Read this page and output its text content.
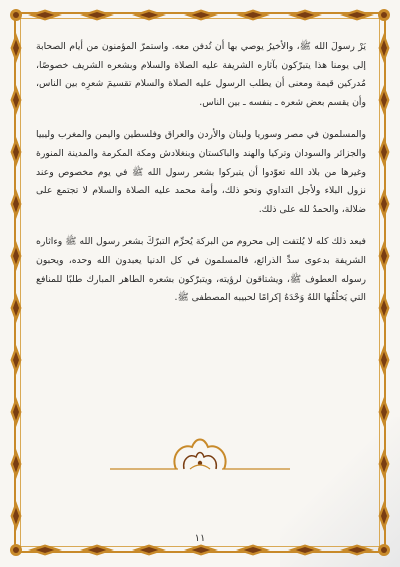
يَرْ رسولَ الله ﷺ، والأخيرُ يوصي بها أن تُدفن معه. واستمرّ المؤمنون من أيام الصحابة إلى يومنا هذا يتبرّكون بآثاره الشريفة عليه الصلاة والسلام وبشعره الشريف خصوصًا، مُدركين قيمة ومعنى أن يطلب الرسول عليه الصلاة والسلام تقسيمَ شعرِه بين الناس، وأن يقسم بعض شعره ـ بنفسه ـ بين الناس.

والمسلمون في مصر وسوريا ولبنان والأردن والعراق وفلسطين واليمن والمغرب وليبيا والجزائر والسودان وتركيا والهند والباكستان وبنغلادش ومكة المكرمة والمدينة المنورة وغيرها من بلاد الله تعوّدوا أن يتبركوا بشعر رسول الله ﷺ في يوم مخصوص وعند نزول البلاء ولأجل التداوي ونحو ذلك، وأمة محمد عليه الصلاة والسلام لا تجتمع على ضلالة، والحمدُ لله على ذلك.

فبعد ذلك كله لا يُلتفت إلى محروم من البركة يُحرِّم التبرّكَ بشعر رسول الله ﷺ وءاثاره الشريفة بدعوى سدِّ الذرائع، فالمسلمون في كل الدنيا يعبدون الله وحده، ويحبون رسوله العطوف ﷺ، ويشتاقون لرؤيته، ويتبرّكون بشعره الطاهر المبارك طلبًا للمنافع التي يَخلُقُها اللهُ وَحْدَهُ إكرامًا لحبيبه المصطفى ﷺ.

١١
